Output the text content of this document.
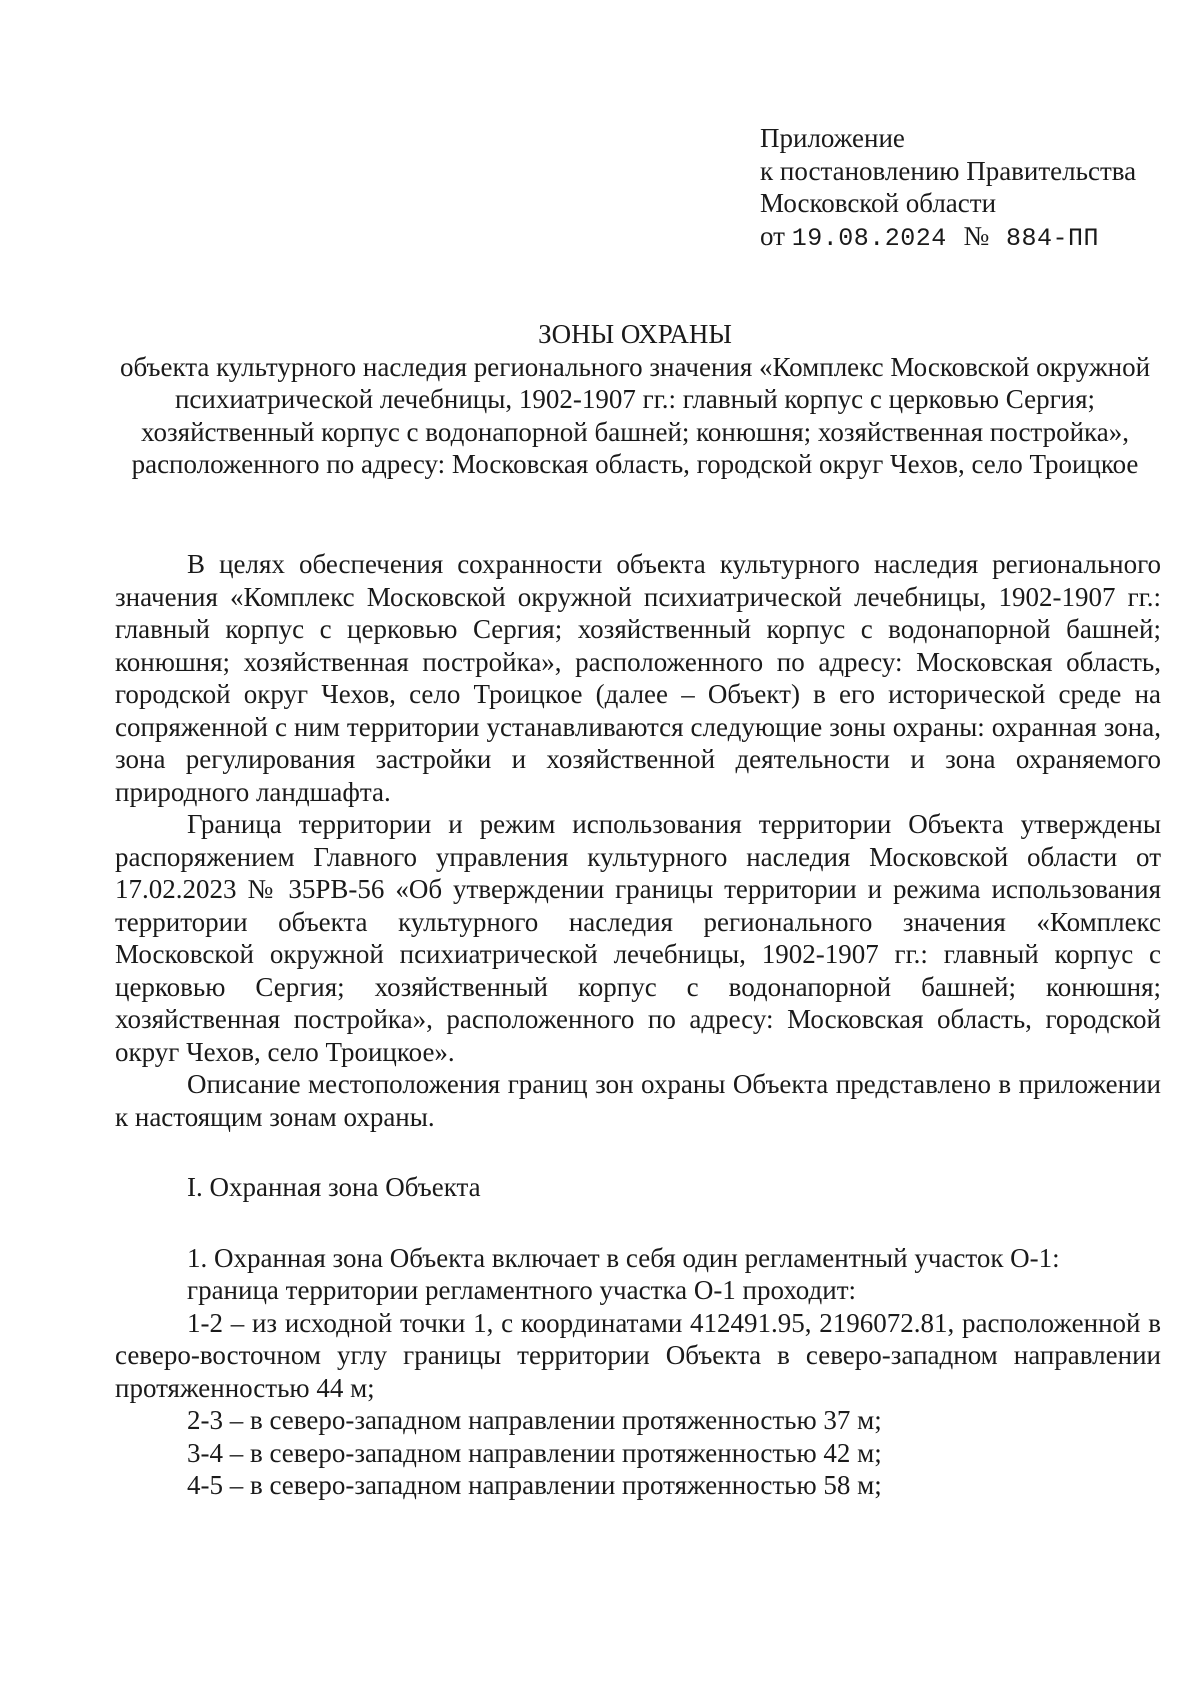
Приложение
к постановлению Правительства
Московской области
от 19.08.2024 № 884-ПП
ЗОНЫ ОХРАНЫ
объекта культурного наследия регионального значения «Комплекс Московской окружной психиатрической лечебницы, 1902-1907 гг.: главный корпус с церковью Сергия; хозяйственный корпус с водонапорной башней; конюшня; хозяйственная постройка», расположенного по адресу: Московская область, городской округ Чехов, село Троицкое

В целях обеспечения сохранности объекта культурного наследия регионального значения «Комплекс Московской окружной психиатрической лечебницы, 1902-1907 гг.: главный корпус с церковью Сергия; хозяйственный корпус с водонапорной башней; конюшня; хозяйственная постройка», расположенного по адресу: Московская область, городской округ Чехов, село Троицкое (далее – Объект) в его исторической среде на сопряженной с ним территории устанавливаются следующие зоны охраны: охранная зона, зона регулирования застройки и хозяйственной деятельности и зона охраняемого природного ландшафта.

Граница территории и режим использования территории Объекта утверждены распоряжением Главного управления культурного наследия Московской области от 17.02.2023 № 35РВ-56 «Об утверждении границы территории и режима использования территории объекта культурного наследия регионального значения «Комплекс Московской окружной психиатрической лечебницы, 1902-1907 гг.: главный корпус с церковью Сергия; хозяйственный корпус с водонапорной башней; конюшня; хозяйственная постройка», расположенного по адресу: Московская область, городской округ Чехов, село Троицкое».

Описание местоположения границ зон охраны Объекта представлено в приложении к настоящим зонам охраны.

I. Охранная зона Объекта

1. Охранная зона Объекта включает в себя один регламентный участок О-1:

граница территории регламентного участка О-1 проходит:

1-2 – из исходной точки 1, с координатами 412491.95, 2196072.81, расположенной в северо-восточном углу границы территории Объекта в северо-западном направлении протяженностью 44 м;

2-3 – в северо-западном направлении протяженностью 37 м;

3-4 – в северо-западном направлении протяженностью 42 м;

4-5 – в северо-западном направлении протяженностью 58 м;
